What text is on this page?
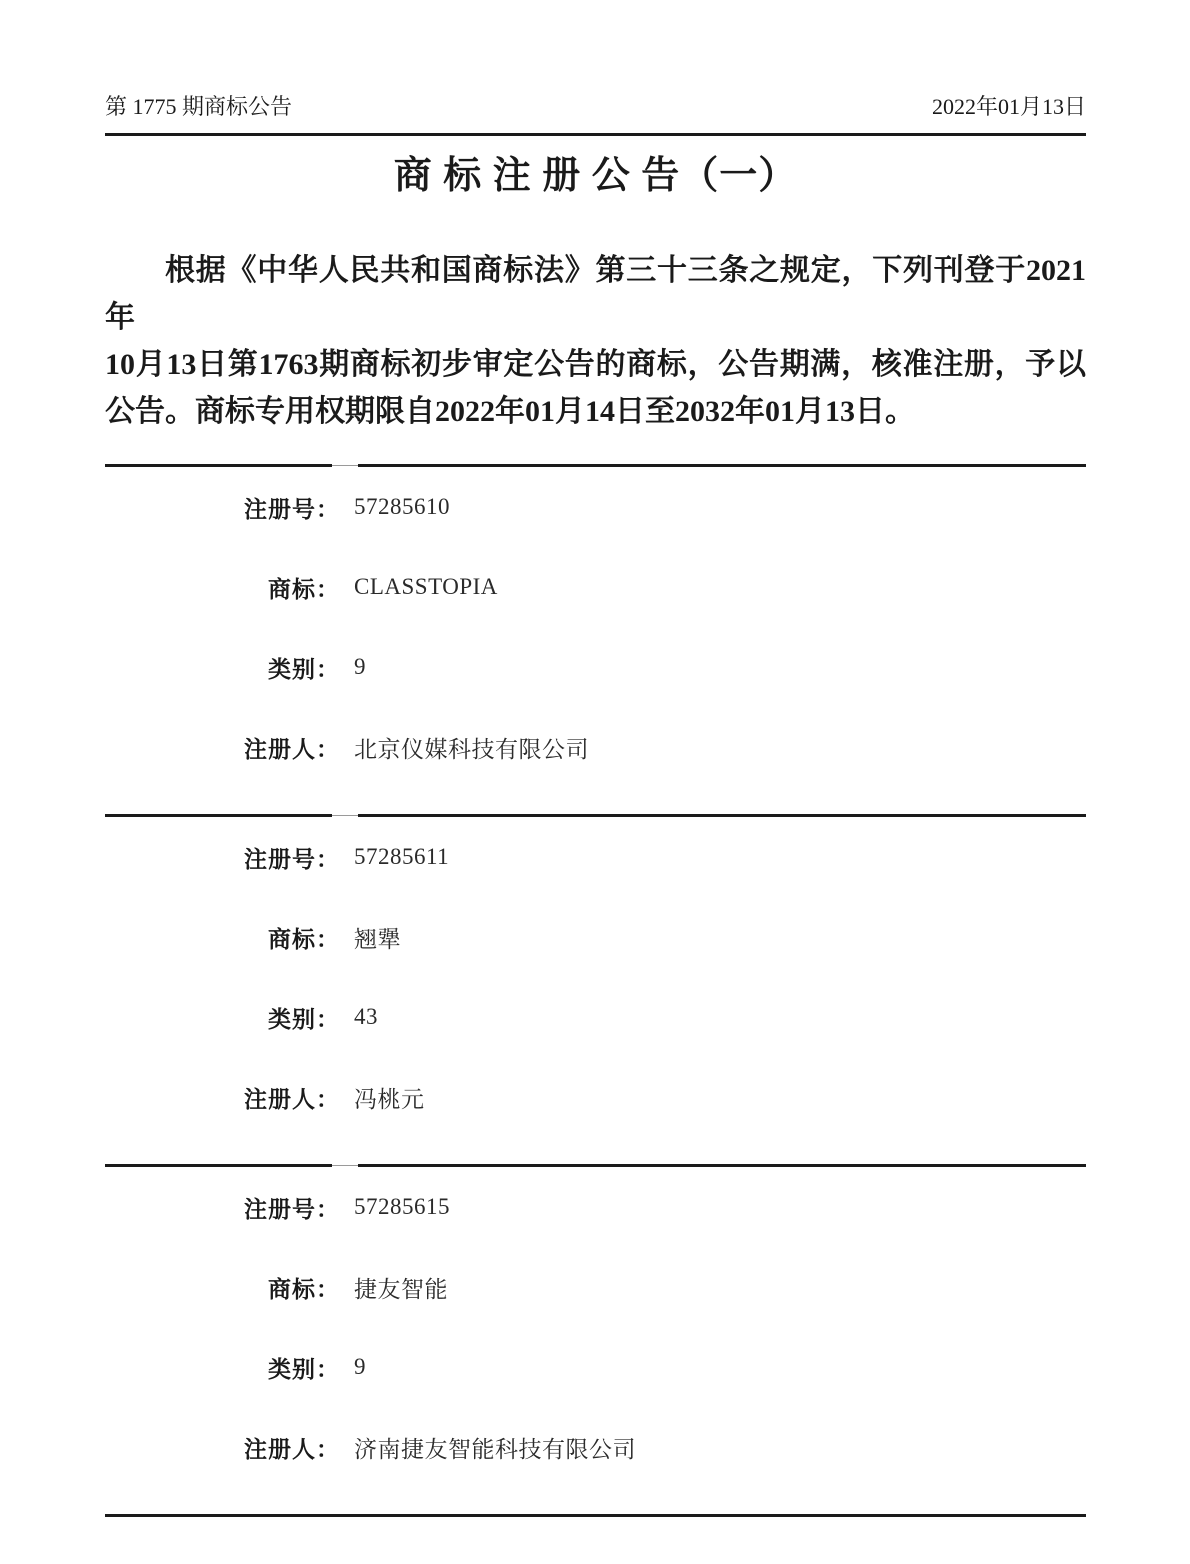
第 1775 期商标公告	2022年01月13日
商 标 注 册 公 告（一）
根据《中华人民共和国商标法》第三十三条之规定，下列刊登于2021年
10月13日第1763期商标初步审定公告的商标，公告期满，核准注册，予以
公告。商标专用权期限自2022年01月14日至2032年01月13日。
注册号： 57285610
商标： CLASSTOPIA
类别： 9
注册人： 北京仪媒科技有限公司
注册号： 57285611
商标： 翘犟
类别： 43
注册人： 冯桃元
注册号： 57285615
商标： 捷友智能
类别： 9
注册人： 济南捷友智能科技有限公司
